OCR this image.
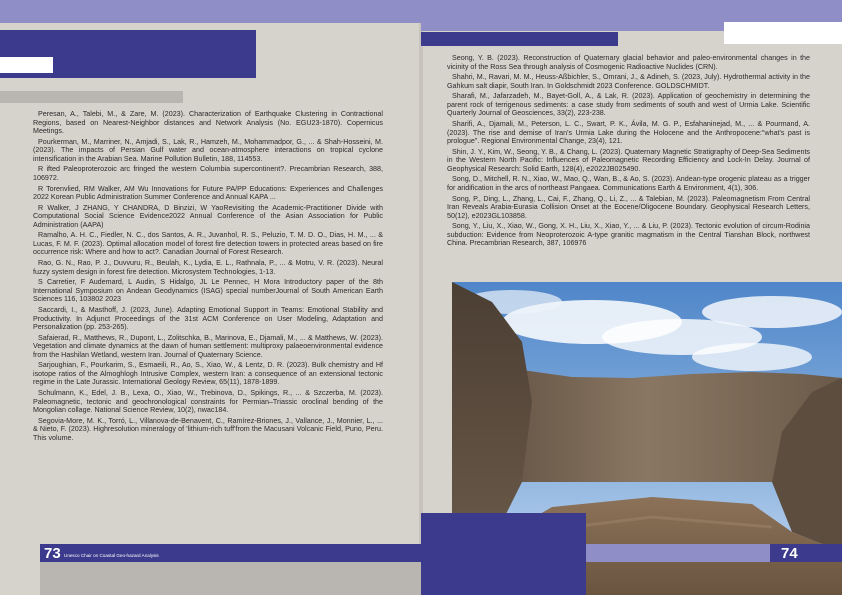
Peresan, A., Talebi, M., & Zare, M. (2023). Characterization of Earthquake Clustering in Contractional Regions, based on Nearest-Neighbor distances and Network Analysis (No. EGU23-1870). Copernicus Meetings.

Pourkerman, M., Marriner, N., Amjadi, S., Lak, R., Hamzeh, M., Mohammadpor, G., ... & Shah-Hosseini, M. (2023). The impacts of Persian Gulf water and ocean-atmosphere interactions on tropical cyclone intensification in the Arabian Sea. Marine Pollution Bulletin, 188, 114553.

R ifted Paleoproterozoic arc fringed the western Columbia supercontinent?. Precambrian Research, 388, 106972.

R Torenvlied, RM Walker, AM Wu Innovations for Future PA/PP Educations: Experiences and Challenges 2022 Korean Public Administration Summer Conference and Annual KAPA ...

R Walker, J ZHANG, Y CHANDRA, D Binzizi, W YaoRevisiting the Academic-Practitioner Divide with Computational Social Science Evidence2022 Annual Conference of the Asian Association for Public Administration (AAPA)

Ramalho, A. H. C., Fiedler, N. C., dos Santos, A. R., Juvanhol, R. S., Peluzio, T. M. D. O., Dias, H. M., ... & Lucas, F. M. F. (2023). Optimal allocation model of forest fire detection towers in protected areas based on fire occurrence risk: Where and how to act?. Canadian Journal of Forest Research.

Rao, G. N., Rao, P. J., Duvvuru, R., Beulah, K., Lydia, E. L., Rathnala, P., ... & Motru, V. R. (2023). Neural fuzzy system design in forest fire detection. Microsystem Technologies, 1-13.

S Carretier, F Audemard, L Audin, S Hidalgo, JL Le Pennec, H Mora Introductory paper of the 8th International Symposium on Andean Geodynamics (ISAG) special numberJournal of South American Earth Sciences 116, 103802 2023

Saccardi, I., & Masthoff, J. (2023, June). Adapting Emotional Support in Teams: Emotional Stability and Productivity. In Adjunct Proceedings of the 31st ACM Conference on User Modeling, Adaptation and Personalization (pp. 253-265).

Safaierad, R., Matthews, R., Dupont, L., Zolitschka, B., Marinova, E., Djamali, M., ... & Matthews, W. (2023). Vegetation and climate dynamics at the dawn of human settlement: multiproxy palaeoenvironmental evidence from the Hashilan Wetland, western Iran. Journal of Quaternary Science.

Sarjoughian, F., Pourkarim, S., Esmaeili, R., Ao, S., Xiao, W., & Lentz, D. R. (2023). Bulk chemistry and Hf isotope ratios of the Almoghlogh Intrusive Complex, western Iran: a consequence of an extensional tectonic regime in the Late Jurassic. International Geology Review, 65(11), 1878-1899.

Schulmann, K., Edel, J. B., Lexa, O., Xiao, W., Trebinova, D., Spikings, R., ... & Szczerba, M. (2023). Paleomagnetic, tectonic and geochronological constraints for Permian–Triassic oroclinal bending of the Mongolian collage. National Science Review, 10(2), nwac184.

Segovia-More, M. K., Torró, L., Villanova-de-Benavent, C., Ramírez-Briones, J., Vallance, J., Monnier, L., ... & Nieto, F. (2023). Highresolution mineralogy of 'lithium-rich tuff'from the Macusani Volcanic Field, Puno, Peru. This volume.

Seong, Y. B. (2023). Reconstruction of Quaternary glacial behavior and paleo-environmental changes in the vicinity of the Ross Sea through analysis of Cosmogenic Radioactive Nuclides (CRN).

Shahri, M., Ravari, M. M., Heuss-Aßbichler, S., Omrani, J., & Adineh, S. (2023, July). Hydrothermal activity in the Gahkum salt diapir, South Iran. In Goldschmidt 2023 Conference. GOLDSCHMIDT.

Sharafi, M., Jafarzadeh, M., Bayet-Goll, A., & Lak, R. (2023). Application of geochemistry in determining the parent rock of terrigenous sediments: a case study from sediments of south and west of Urmia Lake. Scientific Quarterly Journal of Geosciences, 33(2), 223-238.

Sharifi, A., Djamali, M., Peterson, L. C., Swart, P. K., Ávila, M. G. P., Esfahaninejad, M., ... & Pourmand, A. (2023). The rise and demise of Iran's Urmia Lake during the Holocene and the Anthropocene:"what's past is prologue". Regional Environmental Change, 23(4), 121.

Shin, J. Y., Kim, W., Seong, Y. B., & Chang, L. (2023). Quaternary Magnetic Stratigraphy of Deep-Sea Sediments in the Western North Pacific: Influences of Paleomagnetic Recording Efficiency and Lock-In Delay. Journal of Geophysical Research: Solid Earth, 128(4), e2022JB025490.

Song, D., Mitchell, R. N., Xiao, W., Mao, Q., Wan, B., & Ao, S. (2023). Andean-type orogenic plateau as a trigger for aridification in the arcs of northeast Pangaea. Communications Earth & Environment, 4(1), 306.

Song, P., Ding, L., Zhang, L., Cai, F., Zhang, Q., Li, Z., ... & Talebian, M. (2023). Paleomagnetism From Central Iran Reveals Arabia-Eurasia Collision Onset at the Eocene/Oligocene Boundary. Geophysical Research Letters, 50(12), e2023GL103858.

Song, Y., Liu, X., Xiao, W., Gong, X. H., Liu, X., Xiao, Y., ... & Liu, P. (2023). Tectonic evolution of circum-Rodinia subduction: Evidence from Neoproterozoic A-type granitic magmatism in the Central Tianshan Block, northwest China. Precambrian Research, 387, 106976

73 Unesco Chair on Coastal Geo-hazard Analysis	74
